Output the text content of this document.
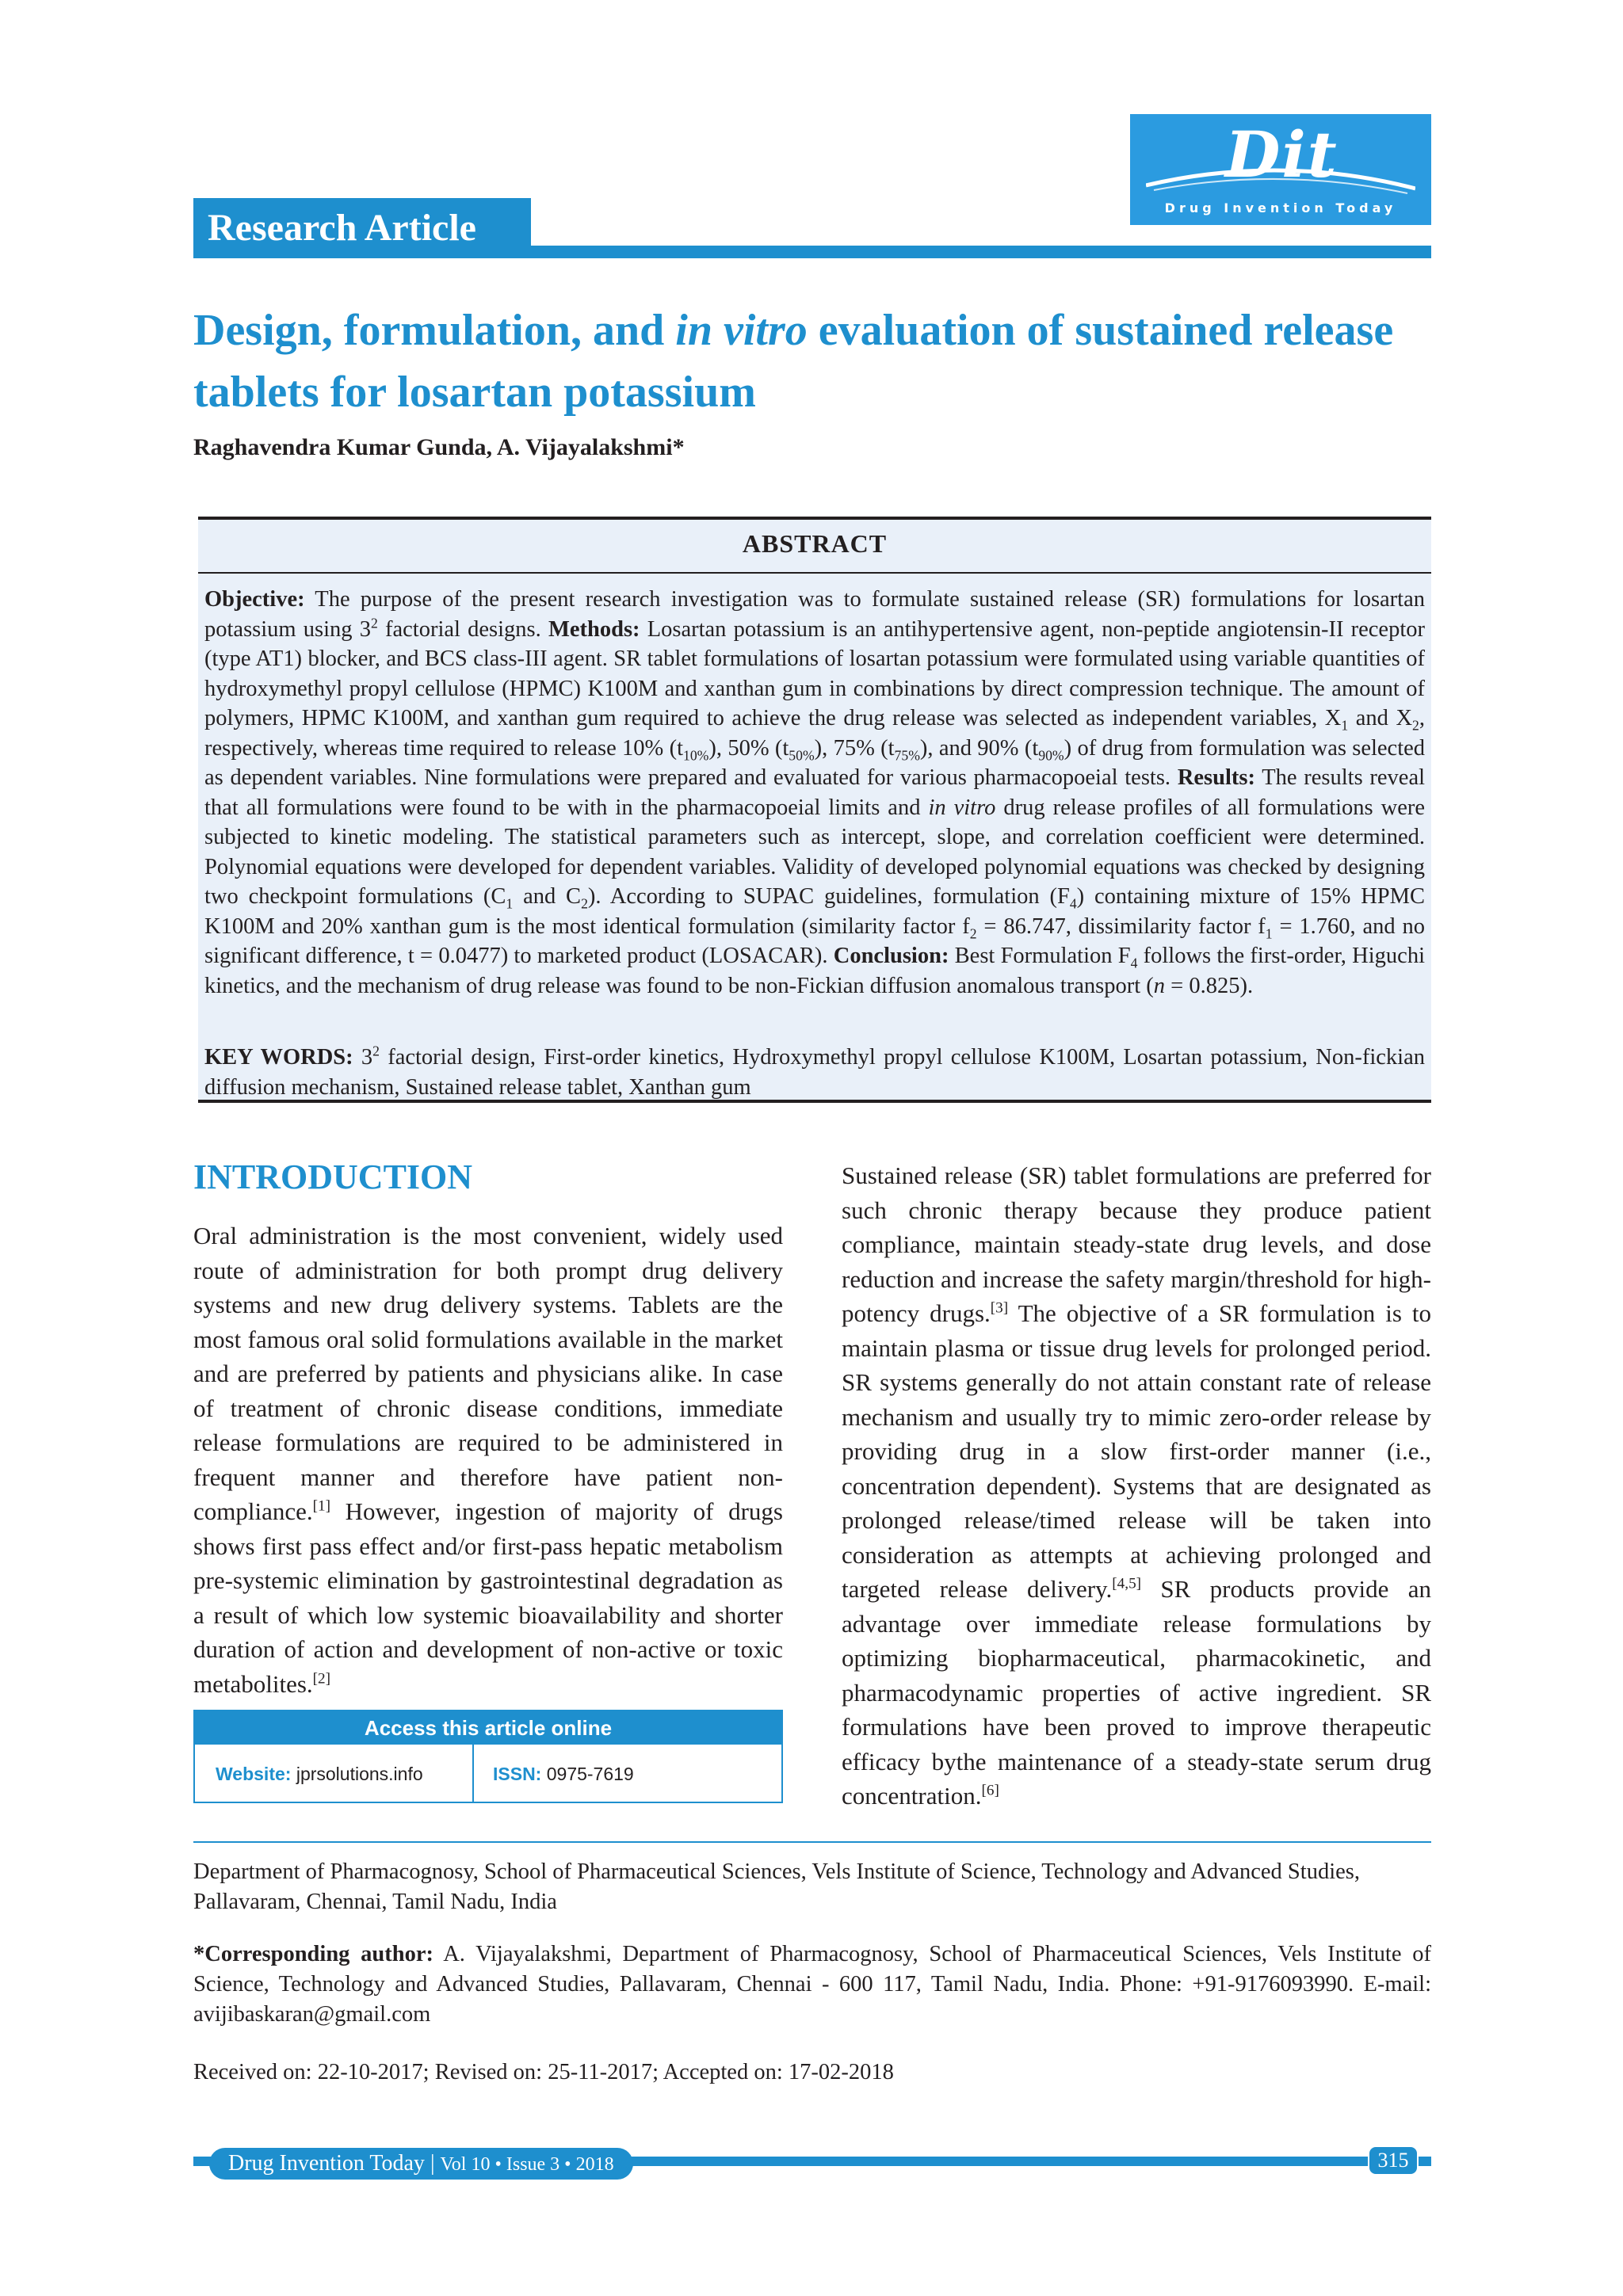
Research Article
Dit
Drug Invention Today
Design, formulation, and in vitro evaluation of sustained release tablets for losartan potassium
Raghavendra Kumar Gunda, A. Vijayalakshmi*
ABSTRACT
Objective: The purpose of the present research investigation was to formulate sustained release (SR) formulations for losartan potassium using $3^2$ factorial designs. Methods: Losartan potassium is an antihypertensive agent, non-peptide angiotensin-II receptor (type AT1) blocker, and BCS class-III agent. SR tablet formulations of losartan potassium were formulated using variable quantities of hydroxymethyl propyl cellulose (HPMC) K100M and xanthan gum in combinations by direct compression technique. The amount of polymers, HPMC K100M, and xanthan gum required to achieve the drug release was selected as independent variables, $X_1$ and $X_2$, respectively, whereas time required to release 10% $(t_{10\%})$, 50% $(t_{50\%})$, 75% $(t_{75\%})$, and 90% $(t_{90\%})$ of drug from formulation was selected as dependent variables. Nine formulations were prepared and evaluated for various pharmacopoeial tests. Results: The results reveal that all formulations were found to be with in the pharmacopoeial limits and in vitro drug release profiles of all formulations were subjected to kinetic modeling. The statistical parameters such as intercept, slope, and correlation coefficient were determined. Polynomial equations were developed for dependent variables. Validity of developed polynomial equations was checked by designing two checkpoint formulations ($C_1$ and $C_2$). According to SUPAC guidelines, formulation $(F_4)$ containing mixture of 15% HPMC K100M and 20% xanthan gum is the most identical formulation (similarity factor $f_2 = 86.747$, dissimilarity factor $f_1 = 1.760$, and no significant difference, t = 0.0477) to marketed product (LOSACAR). Conclusion: Best Formulation $F_4$ follows the first-order, Higuchi kinetics, and the mechanism of drug release was found to be non-Fickian diffusion anomalous transport (n = 0.825).
KEY WORDS: $3^2$ factorial design, First-order kinetics, Hydroxymethyl propyl cellulose K100M, Losartan potassium, Non-fickian diffusion mechanism, Sustained release tablet, Xanthan gum
INTRODUCTION
Oral administration is the most convenient, widely used route of administration for both prompt drug delivery systems and new drug delivery systems. Tablets are the most famous oral solid formulations available in the market and are preferred by patients and physicians alike. In case of treatment of chronic disease conditions, immediate release formulations are required to be administered in frequent manner and therefore have patient non-compliance.[1] However, ingestion of majority of drugs shows first pass effect and/or first-pass hepatic metabolism pre-systemic elimination by gastrointestinal degradation as a result of which low systemic bioavailability and shorter duration of action and development of non-active or toxic metabolites.[2]
Sustained release (SR) tablet formulations are preferred for such chronic therapy because they produce patient compliance, maintain steady-state drug levels, and dose reduction and increase the safety margin/threshold for high-potency drugs.[3] The objective of a SR formulation is to maintain plasma or tissue drug levels for prolonged period. SR systems generally do not attain constant rate of release mechanism and usually try to mimic zero-order release by providing drug in a slow first-order manner (i.e., concentration dependent). Systems that are designated as prolonged release/timed release will be taken into consideration as attempts at achieving prolonged and targeted release delivery.[4,5] SR products provide an advantage over immediate release formulations by optimizing biopharmaceutical, pharmacokinetic, and pharmacodynamic properties of active ingredient. SR formulations have been proved to improve therapeutic efficacy bythe maintenance of a steady-state serum drug concentration.[6]
Access this article online
Website: jprsolutions.info	ISSN: 0975-7619
Department of Pharmacognosy, School of Pharmaceutical Sciences, Vels Institute of Science, Technology and Advanced Studies, Pallavaram, Chennai, Tamil Nadu, India
*Corresponding author: A. Vijayalakshmi, Department of Pharmacognosy, School of Pharmaceutical Sciences, Vels Institute of Science, Technology and Advanced Studies, Pallavaram, Chennai - 600 117, Tamil Nadu, India. Phone: +91-9176093990. E-mail: avijibaskaran@gmail.com
Received on: 22-10-2017; Revised on: 25-11-2017; Accepted on: 17-02-2018
Drug Invention Today | Vol 10 • Issue 3 • 2018	315
